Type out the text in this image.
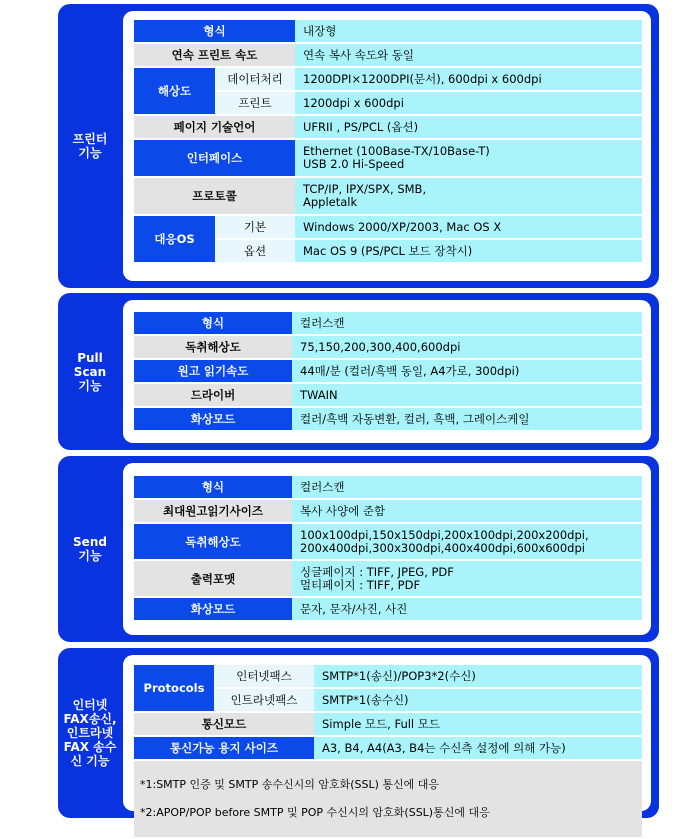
프린터
기능
형식		내장형
연속 프린트 속도		연속 복사 속도와 동일
해상도	데이터처리	1200DPI×1200DPI(문서), 600dpi x 600dpi
	프린트	1200dpi x 600dpi
페이지 기술언어		UFRII , PS/PCL (옵션)
인터페이스		Ethernet (100Base-TX/10Base-T)
USB 2.0 Hi-Speed

프로토콜		TCP/IP, IPX/SPX, SMB,
Appletalk

대응OS	기본	Windows 2000/XP/2003, Mac OS X
	옵션	Mac OS 9 (PS/PCL 보드 장착시)
Pull
Scan
기능
형식	컬러스캔
독취해상도	75,150,200,300,400,600dpi
원고 읽기속도	44매/분 (컬러/흑백 동일, A4가로, 300dpi)
드라이버	TWAIN
화상모드	컬러/흑백 자동변환, 컬러, 흑백, 그레이스케일
Send
기능
형식	컬러스캔
최대원고읽기사이즈	복사 사양에 준함
독취해상도	100x100dpi,150x150dpi,200x100dpi,200x200dpi,
200x400dpi,300x300dpi,400x400dpi,600x600dpi

출력포맷	싱글페이지 : TIFF, JPEG, PDF
멀티페이지 : TIFF, PDF

화상모드	문자, 문자/사진, 사진
인터넷
FAX송신,
인트라넷
FAX 송수
신 기능
Protocols	인터넷팩스	SMTP*1(송신)/POP3*2(수신)
	인트라넷팩스	SMTP*1(송수신)
통신모드		Simple 모드, Full 모드
통신가능 용지 사이즈		A3, B4, A4(A3, B4는 수신측 설정에 의해 가능)

*1:SMTP 인증 및 SMTP 송수신시의 암호화(SSL) 통신에 대응

*2:APOP/POP before SMTP 및 POP 수신시의 암호화(SSL)통신에 대응		
